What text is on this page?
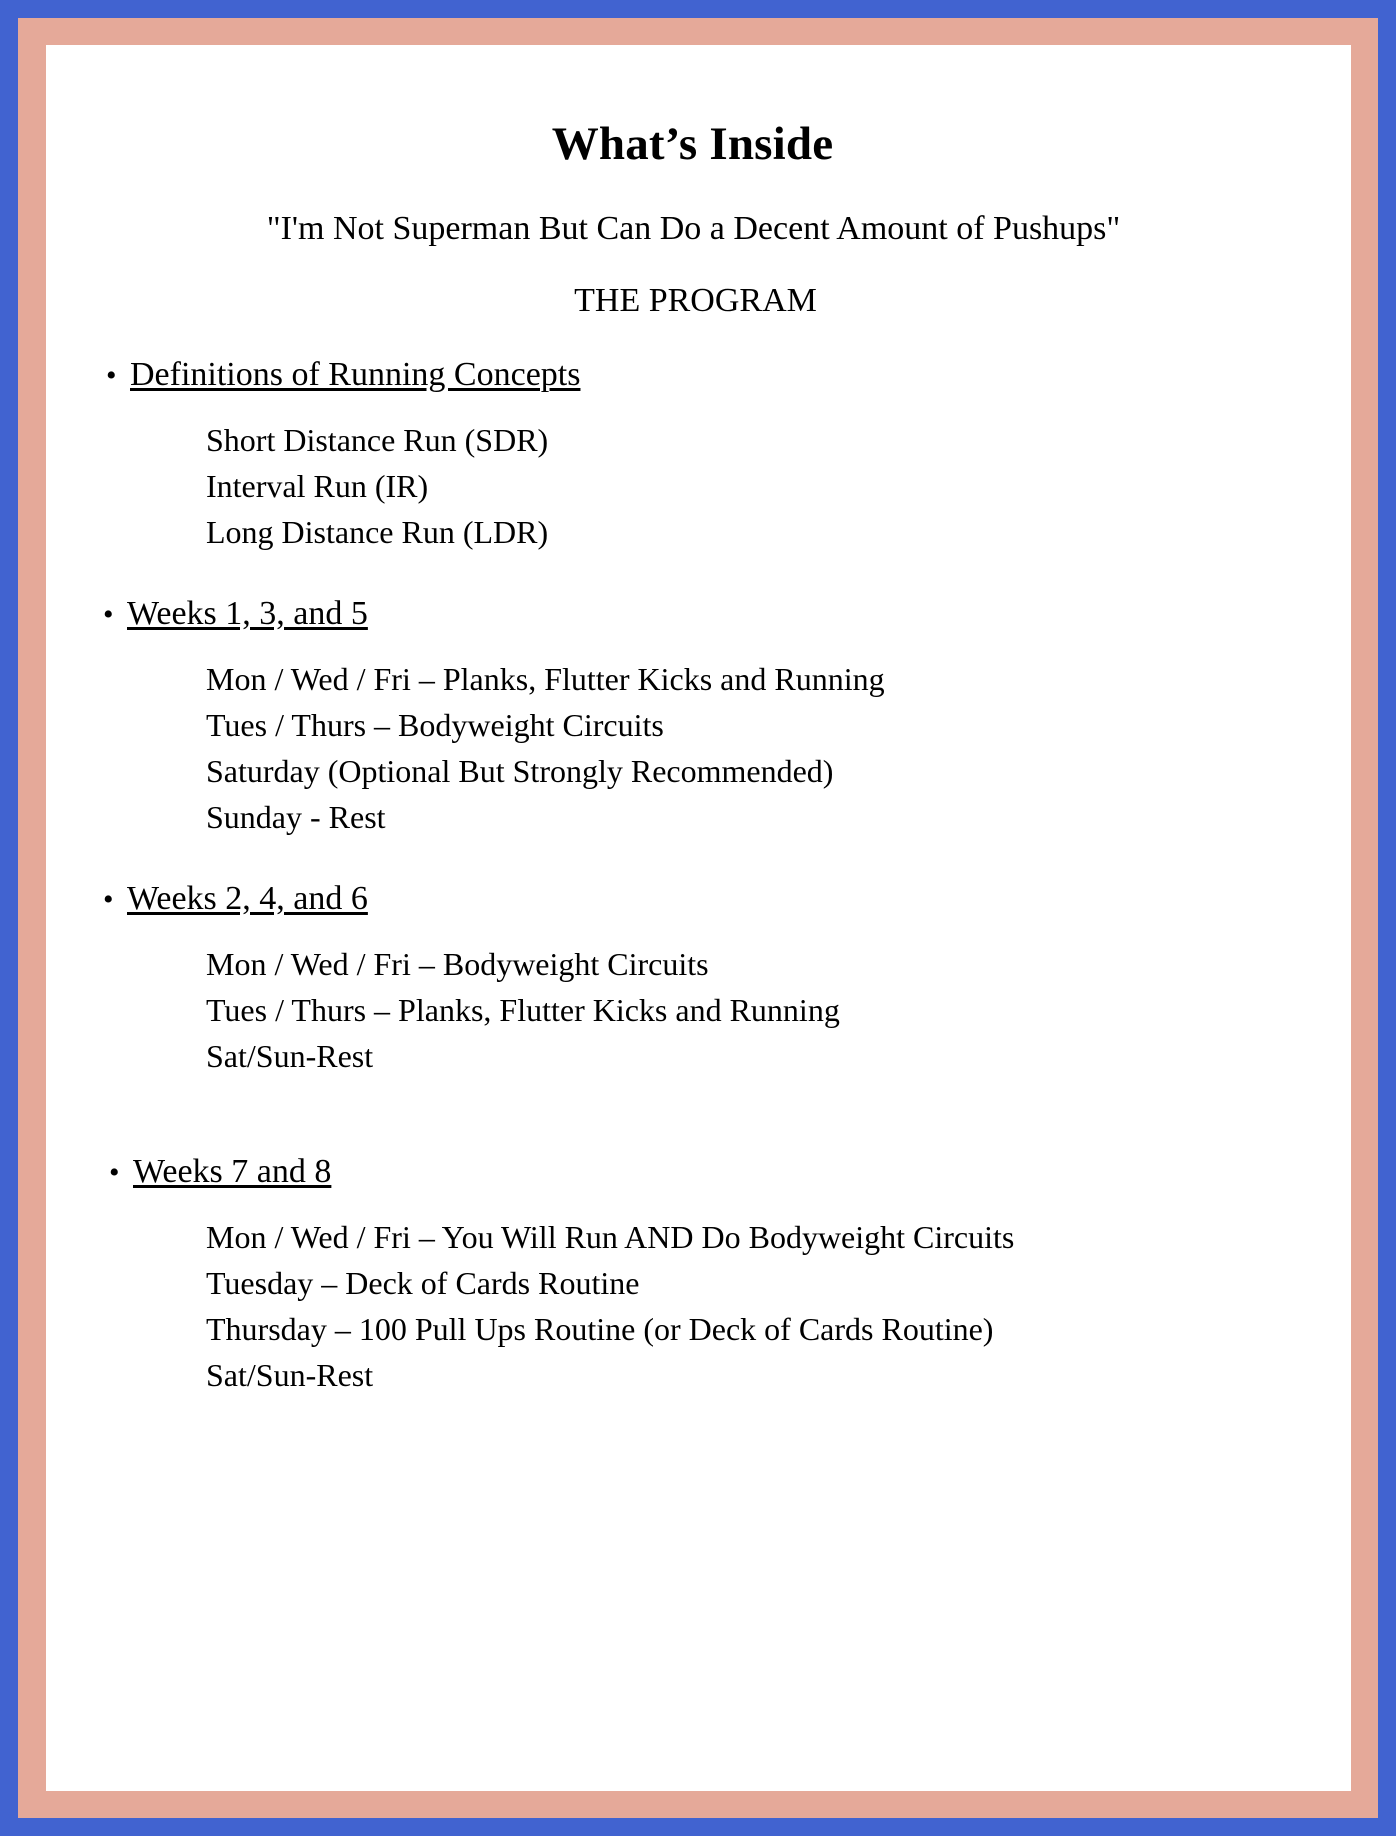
What’s Inside
"I'm Not Superman But Can Do a Decent Amount of Pushups"
THE PROGRAM
• Definitions of Running Concepts
Short Distance Run (SDR)
Interval Run (IR)
Long Distance Run (LDR)
• Weeks 1, 3, and 5
Mon / Wed / Fri – Planks, Flutter Kicks and Running
Tues / Thurs – Bodyweight Circuits
Saturday (Optional But Strongly Recommended)
Sunday - Rest
• Weeks 2, 4, and 6
Mon / Wed / Fri – Bodyweight Circuits
Tues / Thurs – Planks, Flutter Kicks and Running
Sat/Sun-Rest
• Weeks 7 and 8
Mon / Wed / Fri – You Will Run AND Do Bodyweight Circuits
Tuesday – Deck of Cards Routine
Thursday – 100 Pull Ups Routine (or Deck of Cards Routine)
Sat/Sun-Rest
